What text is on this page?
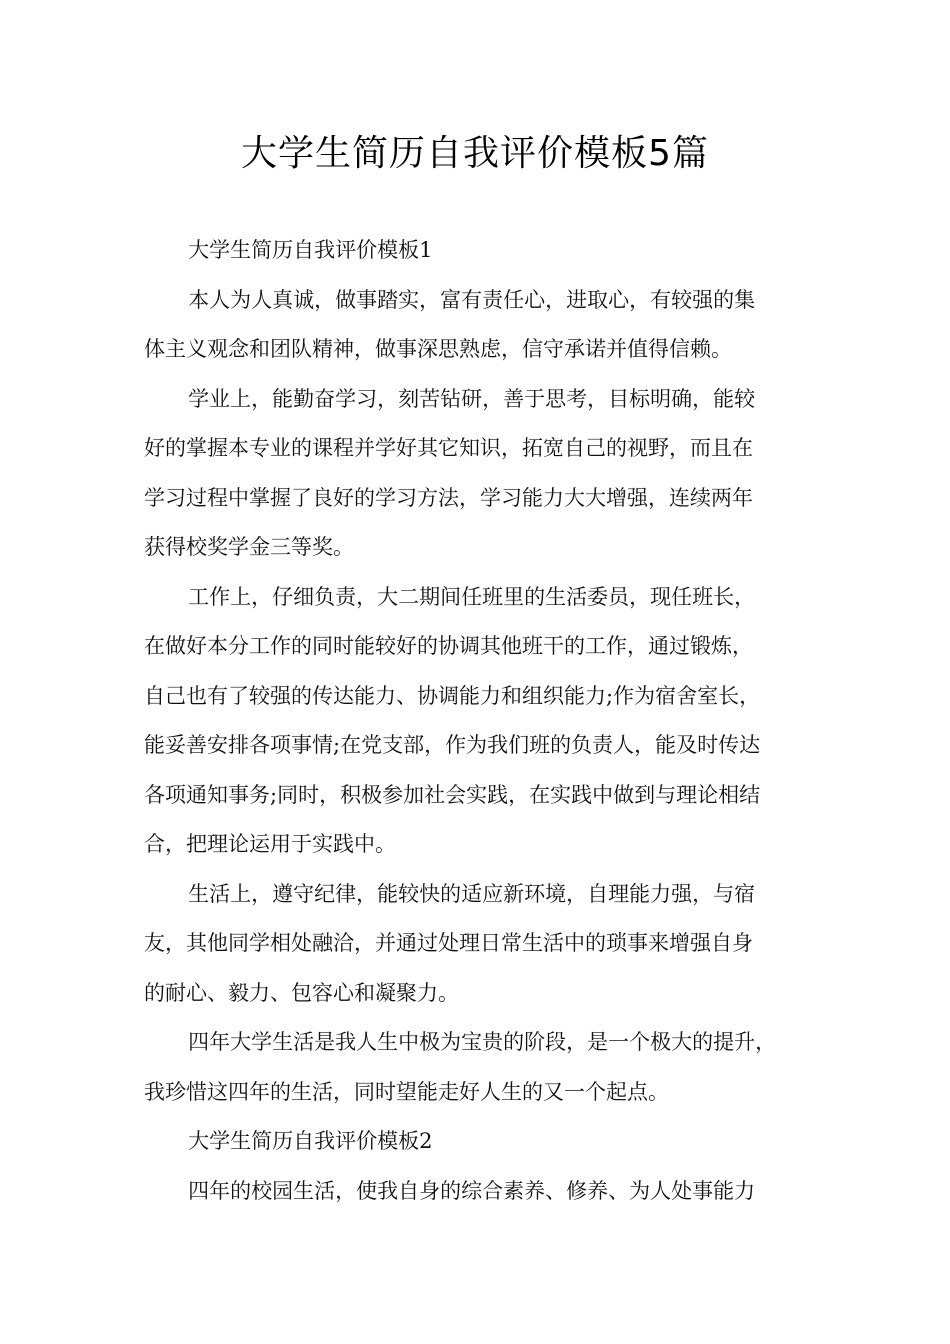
大学生简历自我评价模板5篇

大学生简历自我评价模板1

本人为人真诚，做事踏实，富有责任心，进取心，有较强的集
体主义观念和团队精神，做事深思熟虑，信守承诺并值得信赖。

学业上，能勤奋学习，刻苦钻研，善于思考，目标明确，能较
好的掌握本专业的课程并学好其它知识，拓宽自己的视野，而且在
学习过程中掌握了良好的学习方法，学习能力大大增强，连续两年
获得校奖学金三等奖。

工作上，仔细负责，大二期间任班里的生活委员，现任班长，
在做好本分工作的同时能较好的协调其他班干的工作，通过锻炼，
自己也有了较强的传达能力、协调能力和组织能力;作为宿舍室长，
能妥善安排各项事情;在党支部，作为我们班的负责人，能及时传达
各项通知事务;同时，积极参加社会实践，在实践中做到与理论相结
合，把理论运用于实践中。

生活上，遵守纪律，能较快的适应新环境，自理能力强，与宿
友，其他同学相处融洽，并通过处理日常生活中的琐事来增强自身
的耐心、毅力、包容心和凝聚力。

四年大学生活是我人生中极为宝贵的阶段，是一个极大的提升，
我珍惜这四年的生活，同时望能走好人生的又一个起点。

大学生简历自我评价模板2

四年的校园生活，使我自身的综合素养、修养、为人处事能力
